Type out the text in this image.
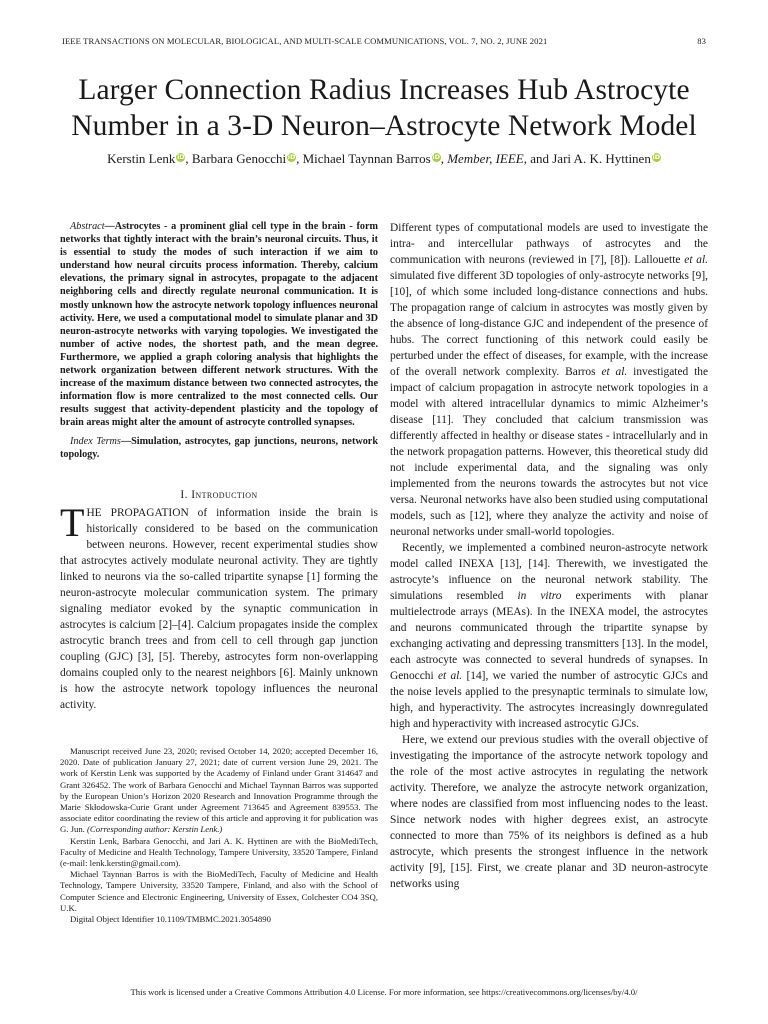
IEEE TRANSACTIONS ON MOLECULAR, BIOLOGICAL, AND MULTI-SCALE COMMUNICATIONS, VOL. 7, NO. 2, JUNE 2021	83
Larger Connection Radius Increases Hub Astrocyte Number in a 3-D Neuron–Astrocyte Network Model
Kerstin Lenk iD, Barbara Genocchi iD, Michael Taynnan Barros iD, Member, IEEE, and Jari A. K. Hyttinen iD

Abstract—Astrocytes - a prominent glial cell type in the brain - form networks that tightly interact with the brain’s neuronal circuits. Thus, it is essential to study the modes of such interaction if we aim to understand how neural circuits process information. Thereby, calcium elevations, the primary signal in astrocytes, propagate to the adjacent neighboring cells and directly regulate neuronal communication. It is mostly unknown how the astrocyte network topology influences neuronal activity. Here, we used a computational model to simulate planar and 3D neuron-astrocyte networks with varying topologies. We investigated the number of active nodes, the shortest path, and the mean degree. Furthermore, we applied a graph coloring analysis that highlights the network organization between different network structures. With the increase of the maximum distance between two connected astrocytes, the information flow is more centralized to the most connected cells. Our results suggest that activity-dependent plasticity and the topology of brain areas might alter the amount of astrocyte controlled synapses.

Index Terms—Simulation, astrocytes, gap junctions, neurons, network topology.

I. Introduction

THE PROPAGATION of information inside the brain is historically considered to be based on the communication between neurons. However, recent experimental studies show that astrocytes actively modulate neuronal activity. They are tightly linked to neurons via the so-called tripartite synapse [1] forming the neuron-astrocyte molecular communication system. The primary signaling mediator evoked by the synaptic communication in astrocytes is calcium [2]–[4]. Calcium propagates inside the complex astrocytic branch trees and from cell to cell through gap junction coupling (GJC) [3], [5]. Thereby, astrocytes form non-overlapping domains coupled only to the nearest neighbors [6]. Mainly unknown is how the astrocyte network topology influences the neuronal activity.

Different types of computational models are used to investigate the intra- and intercellular pathways of astrocytes and the communication with neurons (reviewed in [7], [8]). Lallouette et al. simulated five different 3D topologies of only-astrocyte networks [9], [10], of which some included long-distance connections and hubs. The propagation range of calcium in astrocytes was mostly given by the absence of long-distance GJC and independent of the presence of hubs. The correct functioning of this network could easily be perturbed under the effect of diseases, for example, with the increase of the overall network complexity. Barros et al. investigated the impact of calcium propagation in astrocyte network topologies in a model with altered intracellular dynamics to mimic Alzheimer’s disease [11]. They concluded that calcium transmission was differently affected in healthy or disease states - intracellularly and in the network propagation patterns. However, this theoretical study did not include experimental data, and the signaling was only implemented from the neurons towards the astrocytes but not vice versa. Neuronal networks have also been studied using computational models, such as [12], where they analyze the activity and noise of neuronal networks under small-world topologies.

Recently, we implemented a combined neuron-astrocyte network model called INEXA [13], [14]. Therewith, we investigated the astrocyte’s influence on the neuronal network stability. The simulations resembled in vitro experiments with planar multielectrode arrays (MEAs). In the INEXA model, the astrocytes and neurons communicated through the tripartite synapse by exchanging activating and depressing transmitters [13]. In the model, each astrocyte was connected to several hundreds of synapses. In Genocchi et al. [14], we varied the number of astrocytic GJCs and the noise levels applied to the presynaptic terminals to simulate low, high, and hyperactivity. The astrocytes increasingly downregulated high and hyperactivity with increased astrocytic GJCs.

Here, we extend our previous studies with the overall objective of investigating the importance of the astrocyte network topology and the role of the most active astrocytes in regulating the network activity. Therefore, we analyze the astrocyte network organization, where nodes are classified from most influencing nodes to the least. Since network nodes with higher degrees exist, an astrocyte connected to more than 75% of its neighbors is defined as a hub astrocyte, which presents the strongest influence in the network activity [9], [15]. First, we create planar and 3D neuron-astrocyte networks using

Manuscript received June 23, 2020; revised October 14, 2020; accepted December 16, 2020. Date of publication January 27, 2021; date of current version June 29, 2021. The work of Kerstin Lenk was supported by the Academy of Finland under Grant 314647 and Grant 326452. The work of Barbara Genocchi and Michael Taynnan Barros was supported by the European Union’s Horizon 2020 Research and Innovation Programme through the Marie Skłodowska-Curie Grant under Agreement 713645 and Agreement 839553. The associate editor coordinating the review of this article and approving it for publication was G. Jun. (Corresponding author: Kerstin Lenk.)

Kerstin Lenk, Barbara Genocchi, and Jari A. K. Hyttinen are with the BioMediTech, Faculty of Medicine and Health Technology, Tampere University, 33520 Tampere, Finland (e-mail: lenk.kerstin@gmail.com).

Michael Taynnan Barros is with the BioMediTech, Faculty of Medicine and Health Technology, Tampere University, 33520 Tampere, Finland, and also with the School of Computer Science and Electronic Engineering, University of Essex, Colchester CO4 3SQ, U.K.

Digital Object Identifier 10.1109/TMBMC.2021.3054890

This work is licensed under a Creative Commons Attribution 4.0 License. For more information, see https://creativecommons.org/licenses/by/4.0/
